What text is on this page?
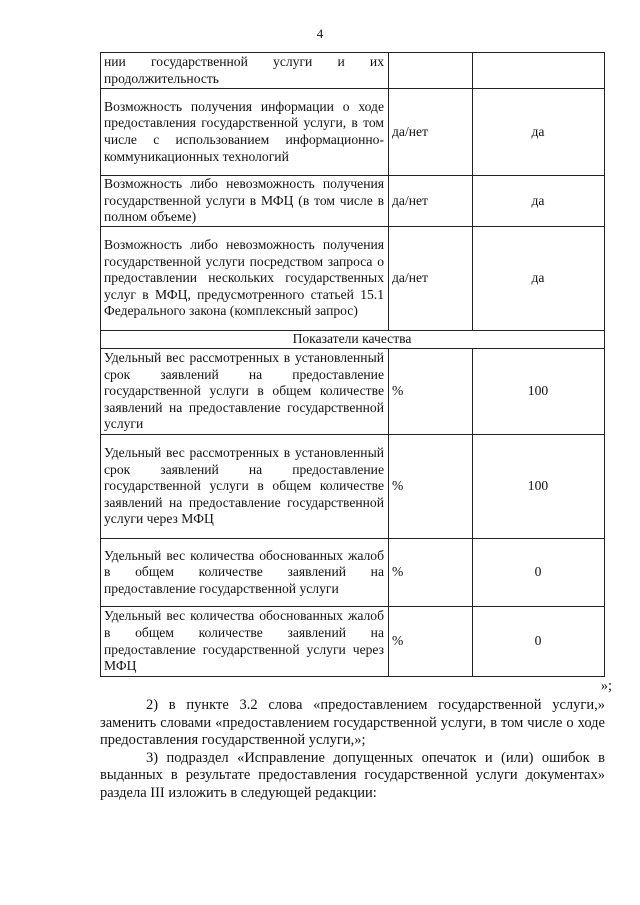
4
нии государственной услуги и их продолжительность		
Возможность получения информации о ходе предоставления государственной услуги, в том числе с использованием информационно-коммуникационных технологий	да/нет	да
Возможность либо невозможность получения государственной услуги в МФЦ (в том числе в полном объеме)	да/нет	да
Возможность либо невозможность получения государственной услуги посредством запроса о предоставлении нескольких государственных услуг в МФЦ, предусмотренного статьей 15.1 Федерального закона (комплексный запрос)	да/нет	да
Показатели качества		
Удельный вес рассмотренных в установленный срок заявлений на предоставление государственной услуги в общем количестве заявлений на предоставление государственной услуги	%	100
Удельный вес рассмотренных в установленный срок заявлений на предоставление государственной услуги в общем количестве заявлений на предоставление государственной услуги через МФЦ	%	100
Удельный вес количества обоснованных жалоб в общем количестве заявлений на предоставление государственной услуги	%	0
Удельный вес количества обоснованных жалоб в общем количестве заявлений на предоставление государственной услуги через МФЦ	%	0
»;

2) в пункте 3.2 слова «предоставлением государственной услуги,» заменить словами «предоставлением государственной услуги, в том числе о ходе предоставления государственной услуги,»;

3) подраздел «Исправление допущенных опечаток и (или) ошибок в выданных в результате предоставления государственной услуги документах» раздела III изложить в следующей редакции:
